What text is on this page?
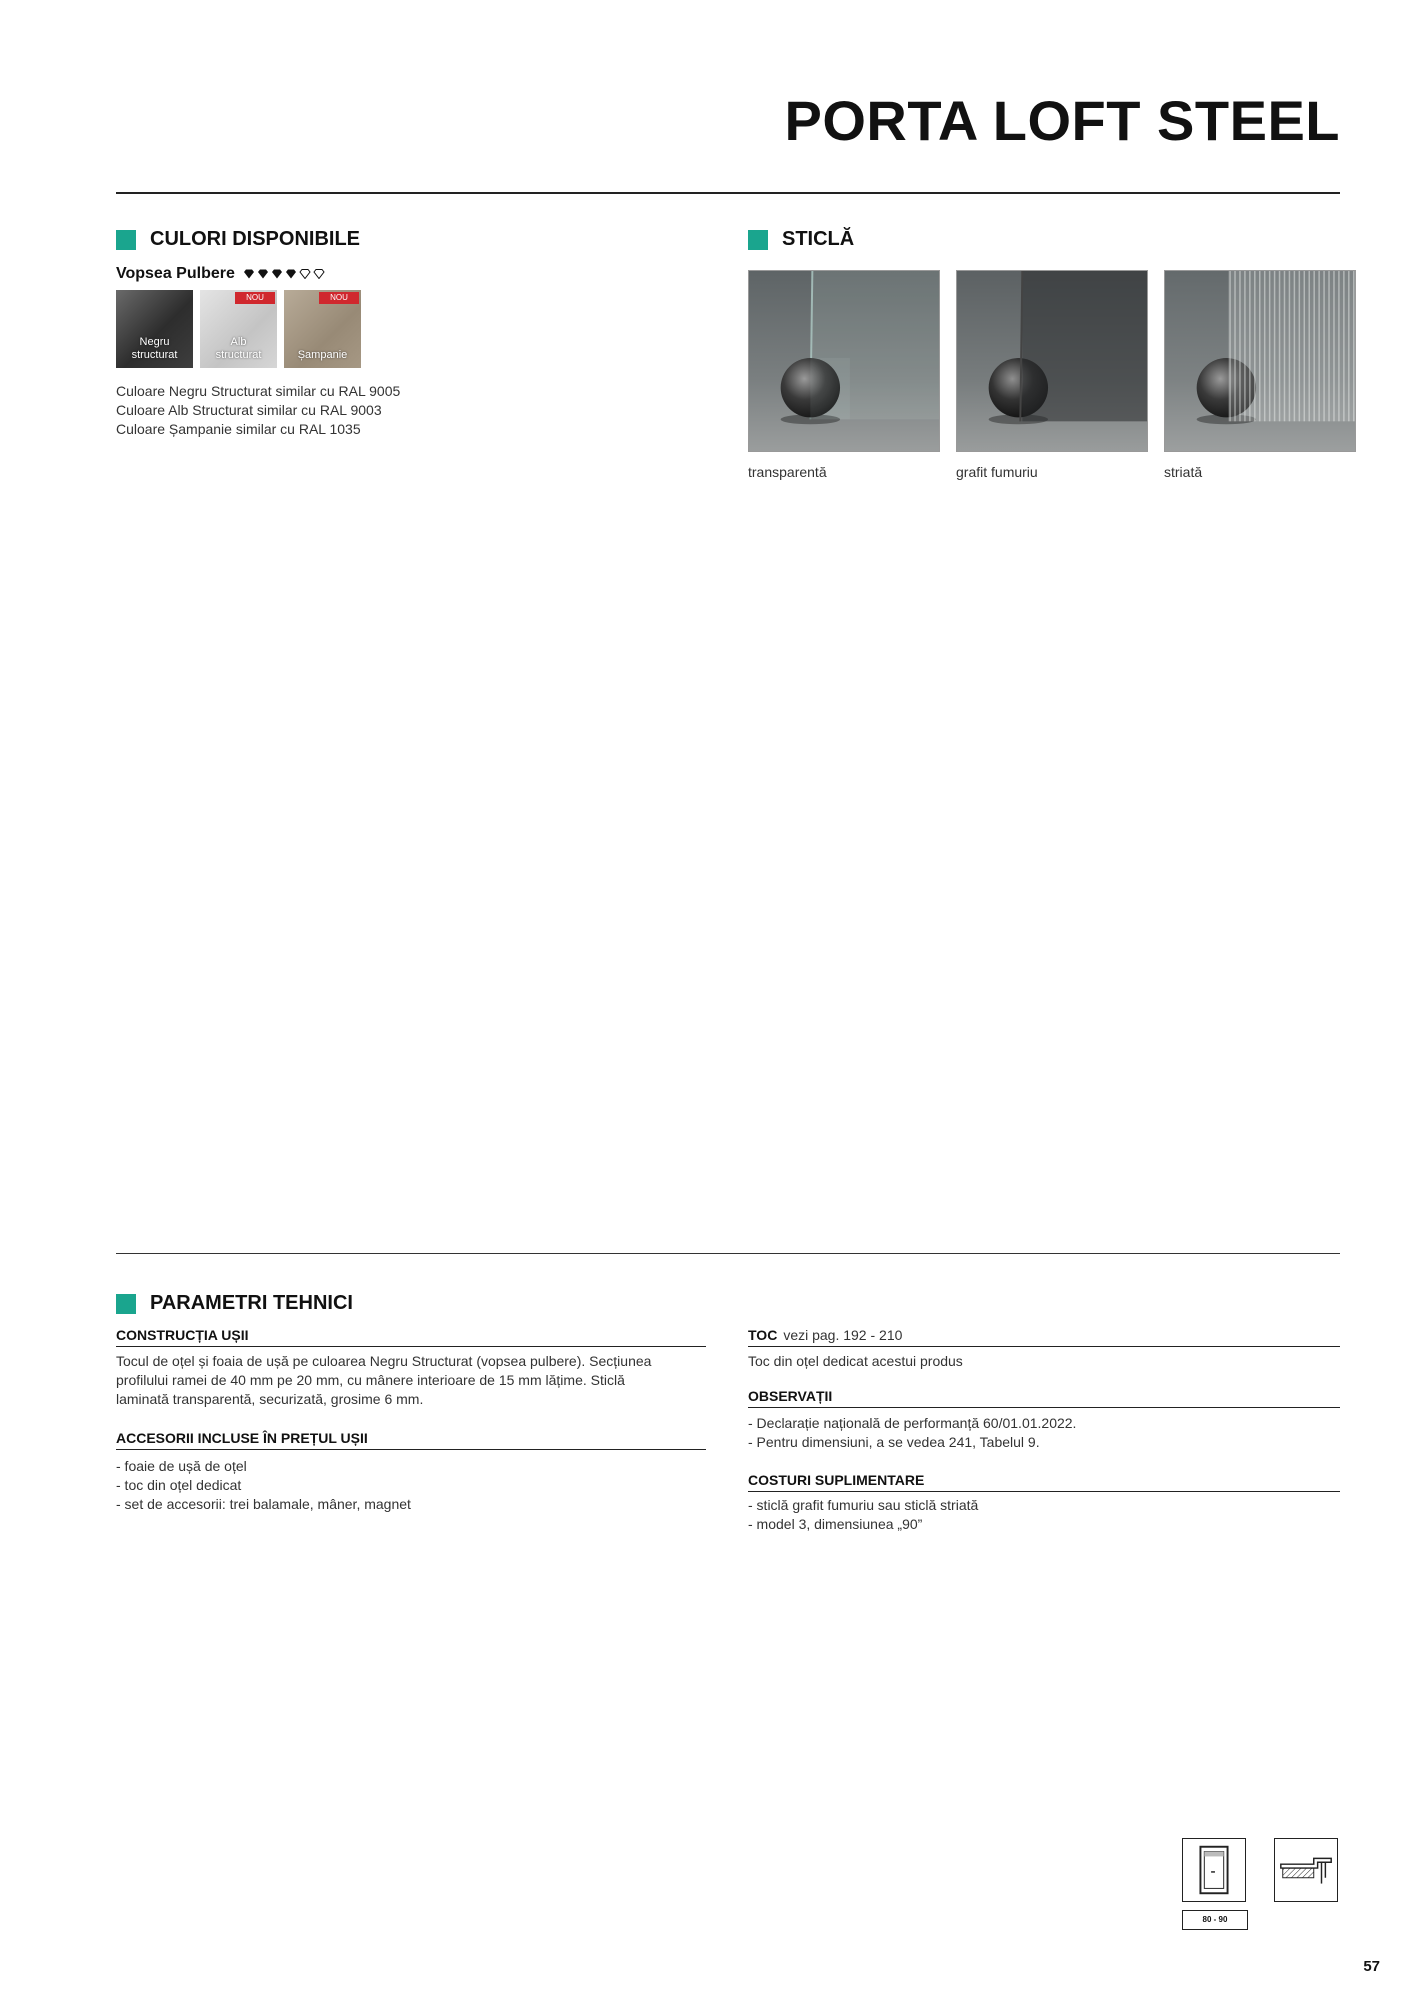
PORTA LOFT STEEL
CULORI DISPONIBILE
Vopsea Pulbere
Negru
structurat
NOU
Alb
structurat
NOU
Șampanie
Culoare Negru Structurat similar cu RAL 9005
Culoare Alb Structurat similar cu RAL 9003
Culoare Șampanie similar cu RAL 1035
STICLĂ
transparentă	grafit fumuriu	striată
PARAMETRI TEHNICI
CONSTRUCȚIA UȘII
Tocul de oțel și foaia de ușă pe culoarea Negru Structurat (vopsea pulbere). Secțiunea
profilului ramei de 40 mm pe 20 mm, cu mânere interioare de 15 mm lățime. Sticlă
laminată transparentă, securizată, grosime 6 mm.
ACCESORII INCLUSE ÎN PREȚUL UȘII
- foaie de ușă de oțel
- toc din oțel dedicat
- set de accesorii: trei balamale, mâner, magnet
TOC vezi pag. 192 - 210
Toc din oțel dedicat acestui produs
OBSERVAȚII
- Declarație națională de performanță 60/01.01.2022.
- Pentru dimensiuni, a se vedea 241, Tabelul 9.
COSTURI SUPLIMENTARE
- sticlă grafit fumuriu sau sticlă striată
- model 3, dimensiunea „90”
80 - 90
57
